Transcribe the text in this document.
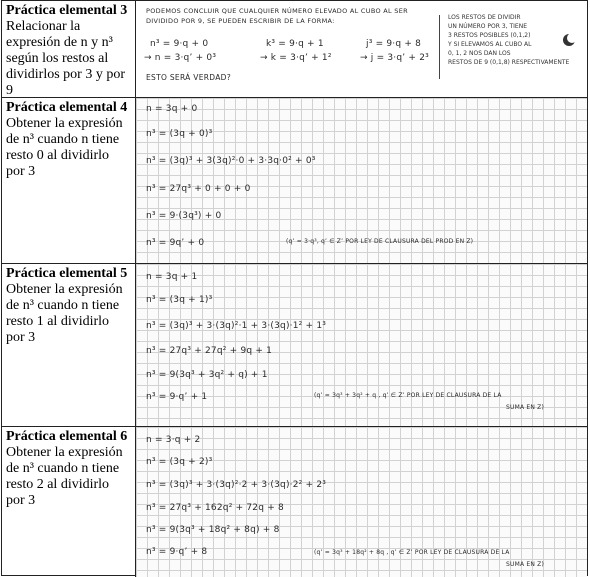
Práctica elemental 3
Relacionar la expresión de n y n³ según los restos al dividirlos por 3 y por 9
PODEMOS CONCLUIR QUE CUALQUIER NÚMERO ELEVADO AL CUBO AL SER
DIVIDIDO POR 9, SE PUEDEN ESCRIBIR DE LA FORMA:
n³ = 9·q + 0
→ n = 3·q’ + 0³
k³ = 9·q + 1
→ k = 3·q’ + 1²
j³ = 9·q + 8
→ j = 3·q’ + 2³
ESTO SERÁ VERDAD?
LOS RESTOS DE DIVIDIR
UN NÚMERO POR 3, TIENE
3 RESTOS POSIBLES (0,1,2)
Y SI ELEVAMOS AL CUBO AL
0, 1, 2 NOS DAN LOS
RESTOS DE 9 (0,1,8) RESPECTIVAMENTE
Práctica elemental 4
Obtener la expresión de n³ cuando n tiene resto 0 al dividirlo por 3
n = 3q + 0
n³ = (3q + 0)³
n³ = (3q)³ + 3(3q)²·0 + 3·3q·0² + 0³
n³ = 27q³ + 0 + 0 + 0
n³ = 9·(3q³) + 0
n³ = 9q’ + 0	(q’ = 3·q³, q’ ∈ Z’ POR LEY DE CLAUSURA DEL PROD EN Z)
Práctica elemental 5
Obtener la expresión de n³ cuando n tiene resto 1 al dividirlo por 3
n = 3q + 1
n³ = (3q + 1)³
n³ = (3q)³ + 3·(3q)²·1 + 3·(3q)·1² + 1³
n³ = 27q³ + 27q² + 9q + 1
n³ = 9(3q³ + 3q² + q) + 1
n³ = 9·q’ + 1	(q’ = 3q³ + 3q² + q , q’ ∈ Z’ POR LEY DE CLAUSURA DE LA
SUMA EN Z)
Práctica elemental 6
Obtener la expresión de n³ cuando n tiene resto 2 al dividirlo por 3
n = 3·q + 2
n³ = (3q + 2)³
n³ = (3q)³ + 3·(3q)²·2 + 3·(3q)·2² + 2³
n³ = 27q³ + 162q² + 72q + 8
n³ = 9(3q³ + 18q² + 8q) + 8
n³ = 9·q’ + 8	(q’ = 3q³ + 18q² + 8q , q’ ∈ Z’ POR LEY DE CLAUSURA DE LA
SUMA EN Z)
